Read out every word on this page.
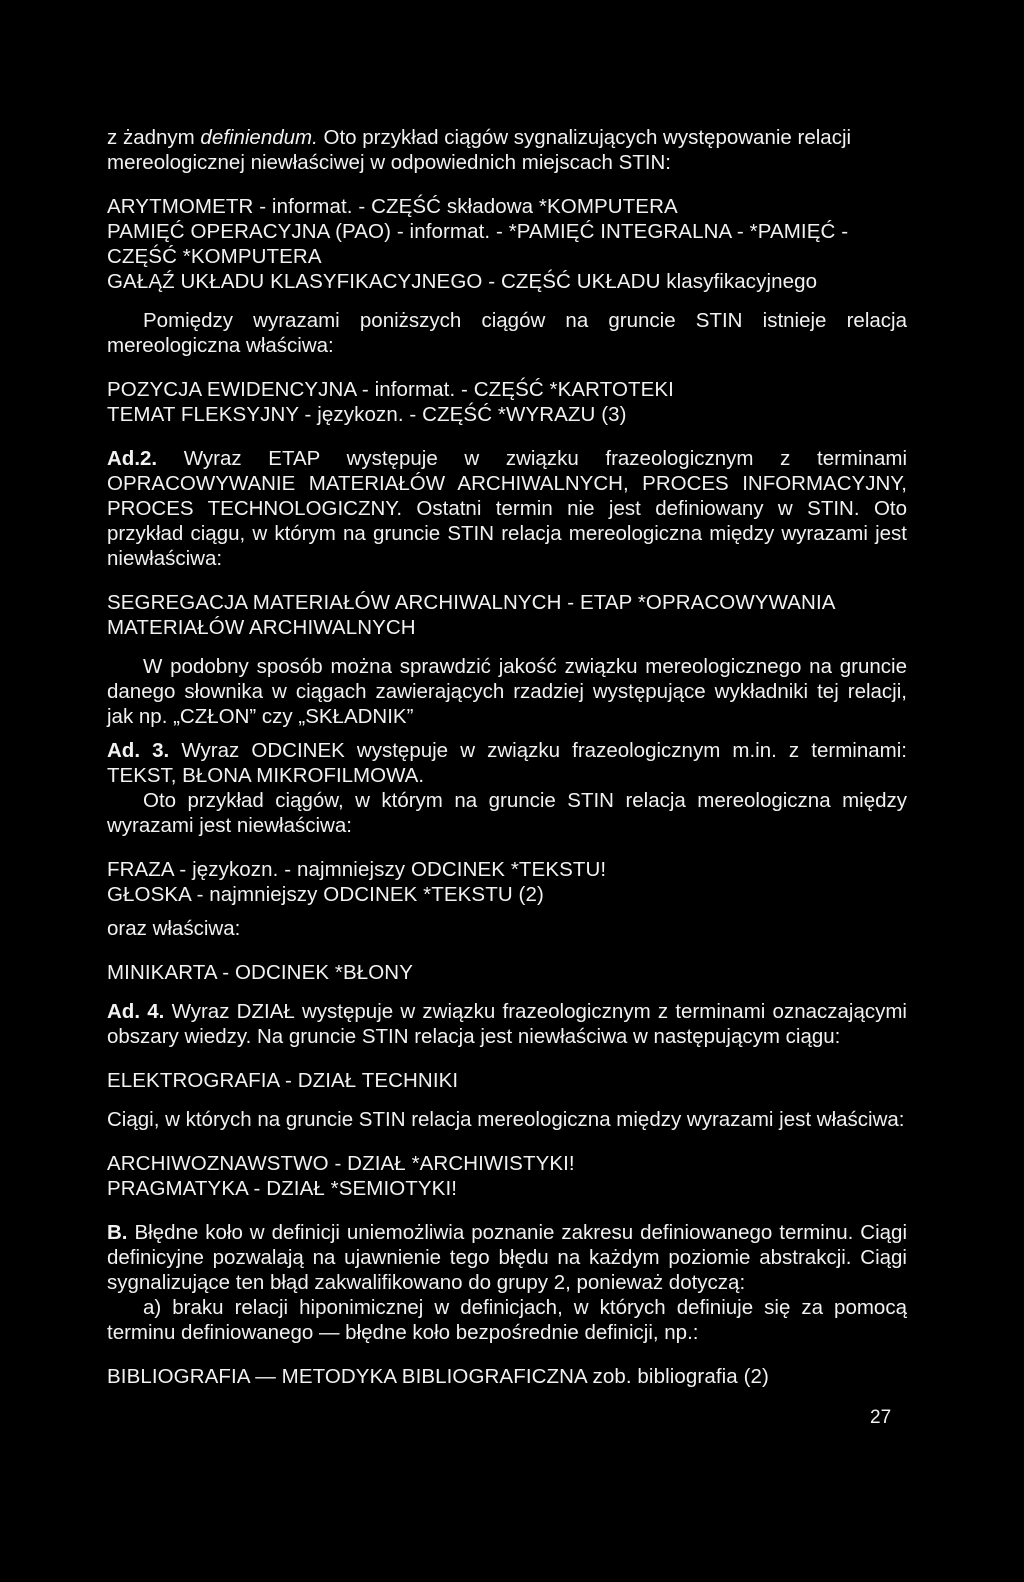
z żadnym definiendum. Oto przykład ciągów sygnalizujących występowanie relacji
mereologicznej niewłaściwej w odpowiednich miejscach STIN:

ARYTMOMETR - informat. - CZĘŚĆ składowa *KOMPUTERA
PAMIĘĆ OPERACYJNA (PAO) - informat. - *PAMIĘĆ INTEGRALNA - *PAMIĘĆ -
CZĘŚĆ *KOMPUTERA
GAŁĄŹ UKŁADU KLASYFIKACYJNEGO - CZĘŚĆ UKŁADU klasyfikacyjnego

Pomiędzy wyrazami poniższych ciągów na gruncie STIN istnieje relacja mereologiczna właściwa:

POZYCJA EWIDENCYJNA - informat. - CZĘŚĆ *KARTOTEKI
TEMAT FLEKSYJNY - językozn. - CZĘŚĆ *WYRAZU (3)

Ad.2. Wyraz ETAP występuje w związku frazeologicznym z terminami OPRACOWYWANIE MATERIAŁÓW ARCHIWALNYCH, PROCES INFORMACYJNY, PROCES TECHNOLOGICZNY. Ostatni termin nie jest definiowany w STIN. Oto przykład ciągu, w którym na gruncie STIN relacja mereologiczna między wyrazami jest niewłaściwa:

SEGREGACJA MATERIAŁÓW ARCHIWALNYCH - ETAP *OPRACOWYWANIA
MATERIAŁÓW ARCHIWALNYCH

W podobny sposób można sprawdzić jakość związku mereologicznego na gruncie danego słownika w ciągach zawierających rzadziej występujące wykładniki tej relacji, jak np. „CZŁON” czy „SKŁADNIK”

Ad. 3. Wyraz ODCINEK występuje w związku frazeologicznym m.in. z terminami: TEKST, BŁONA MIKROFILMOWA.

Oto przykład ciągów, w którym na gruncie STIN relacja mereologiczna między wyrazami jest niewłaściwa:

FRAZA - językozn. - najmniejszy ODCINEK *TEKSTU!
GŁOSKA - najmniejszy ODCINEK *TEKSTU (2)

oraz właściwa:

MINIKARTA - ODCINEK *BŁONY

Ad. 4. Wyraz DZIAŁ występuje w związku frazeologicznym z terminami oznaczającymi obszary wiedzy. Na gruncie STIN relacja jest niewłaściwa w następującym ciągu:

ELEKTROGRAFIA - DZIAŁ TECHNIKI

Ciągi, w których na gruncie STIN relacja mereologiczna między wyrazami jest właściwa:

ARCHIWOZNAWSTWO - DZIAŁ *ARCHIWISTYKI!
PRAGMATYKA - DZIAŁ *SEMIOTYKI!

B. Błędne koło w definicji uniemożliwia poznanie zakresu definiowanego terminu. Ciągi definicyjne pozwalają na ujawnienie tego błędu na każdym poziomie abstrakcji. Ciągi sygnalizujące ten błąd zakwalifikowano do grupy 2, ponieważ dotyczą:

a) braku relacji hiponimicznej w definicjach, w których definiuje się za pomocą terminu definiowanego — błędne koło bezpośrednie definicji, np.:

BIBLIOGRAFIA — METODYKA BIBLIOGRAFICZNA zob. bibliografia (2)
27
